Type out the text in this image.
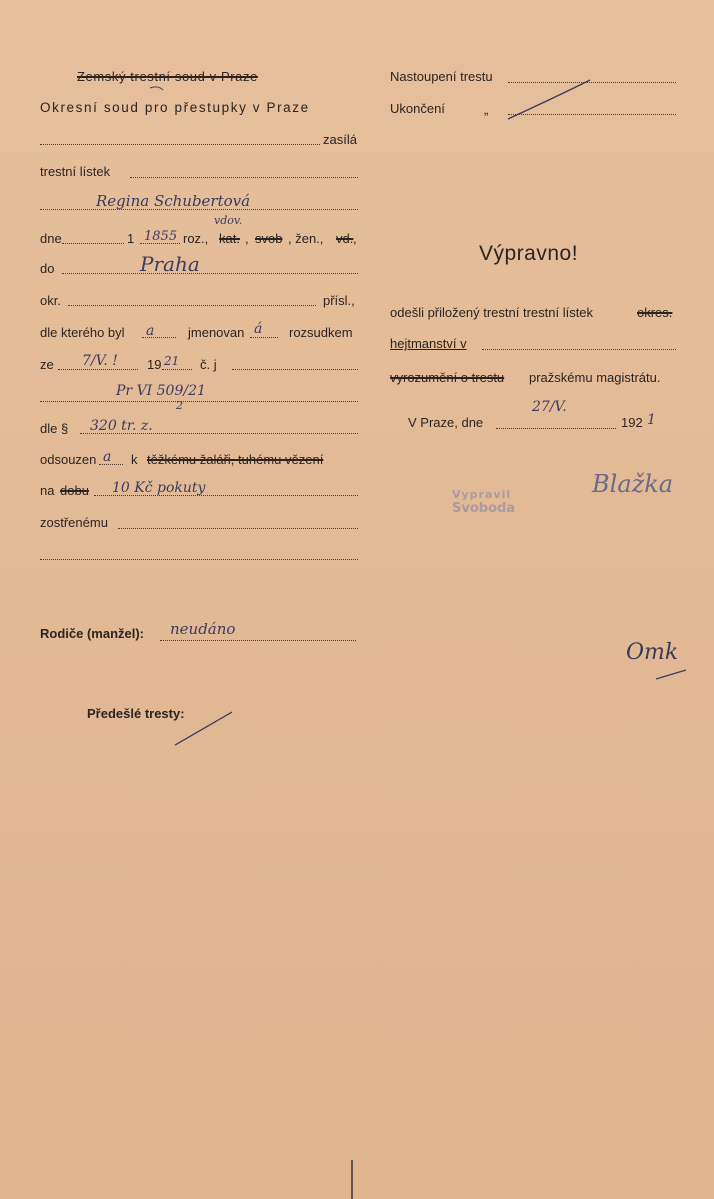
Zemský trestní soud v Praze
Okresní soud pro přestupky v Praze
zasílá
trestní lístek
Regina Schubertová
dne	1 1855 roz., kat. , svob , žen., vd. ,
vdov.
do	Praha
okr.	přísl.,
dle kterého byl a	jmenovan á rozsudkem
ze 7/V. ! 19 21 č. j
Pr VI 509/21
2
dle § 320 tr. z.
odsouzen a k těžkému žaláři, tuhému vězení
na dobu 10 Kč pokuty
zostřenému
Rodiče (manžel): neudáno
Předešlé tresty:
Nastoupení trestu
Ukončení	„
Výpravno!
odešli přiložený trestní trestní lístek	okres.
hejtmanství v
vyrozumění o trestu pražskému magistrátu.
V Praze, dne
27/V.
192 1
Vypravil
Svoboda
Blažka
Omk
